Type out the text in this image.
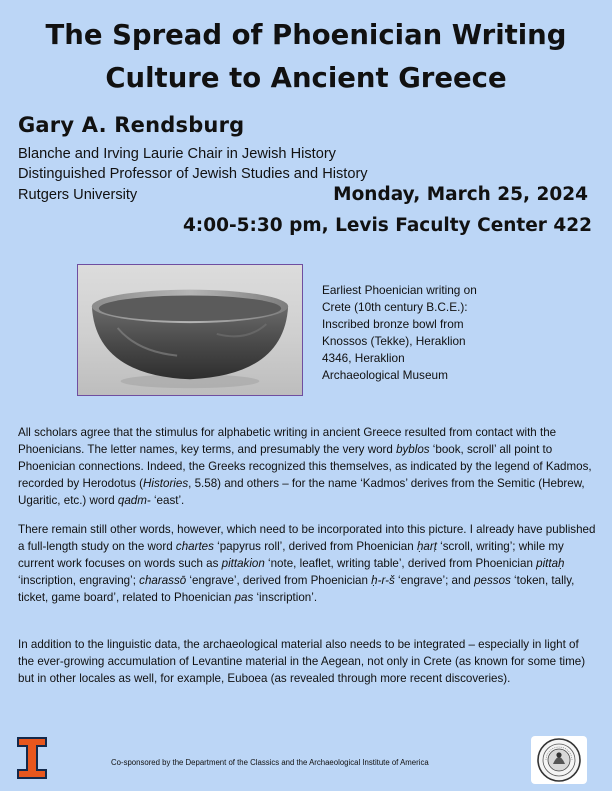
The Spread of Phoenician Writing
Culture to Ancient Greece
Gary A. Rendsburg
Blanche and Irving Laurie Chair in Jewish History
Distinguished Professor of Jewish Studies and History
Rutgers University	Monday, March 25, 2024
4:00-5:30 pm, Levis Faculty Center 422
Earliest Phoenician writing on
Crete (10th century B.C.E.):
Inscribed bronze bowl from
Knossos (Tekke), Heraklion
4346, Heraklion
Archaeological Museum
All scholars agree that the stimulus for alphabetic writing in ancient Greece resulted from contact with the Phoenicians. The letter names, key terms, and presumably the very word byblos ‘book, scroll’ all point to Phoenician connections. Indeed, the Greeks recognized this themselves, as indicated by the legend of Kadmos, recorded by Herodotus (Histories, 5.58) and others – for the name ‘Kadmos’ derives from the Semitic (Hebrew, Ugaritic, etc.) word qadm- ‘east’.
There remain still other words, however, which need to be incorporated into this picture. I already have published a full-length study on the word chartes ‘papyrus roll’, derived from Phoenician ḥarṭ ‘scroll, writing’; while my current work focuses on words such as pittakion ‘note, leaflet, writing table’, derived from Phoenician pittaḥ ‘inscription, engraving’; charassō ‘engrave’, derived from Phoenician ḥ-r-š ‘engrave’; and pessos ‘token, tally, ticket, game board’, related to Phoenician pas ‘inscription’.
In addition to the linguistic data, the archaeological material also needs to be integrated – especially in light of the ever-growing accumulation of Levantine material in the Aegean, not only in Crete (as known for some time) but in other locales as well, for example, Euboea (as revealed through more recent discoveries).
Co-sponsored by the Department of the Classics and the Archaeological Institute of America
